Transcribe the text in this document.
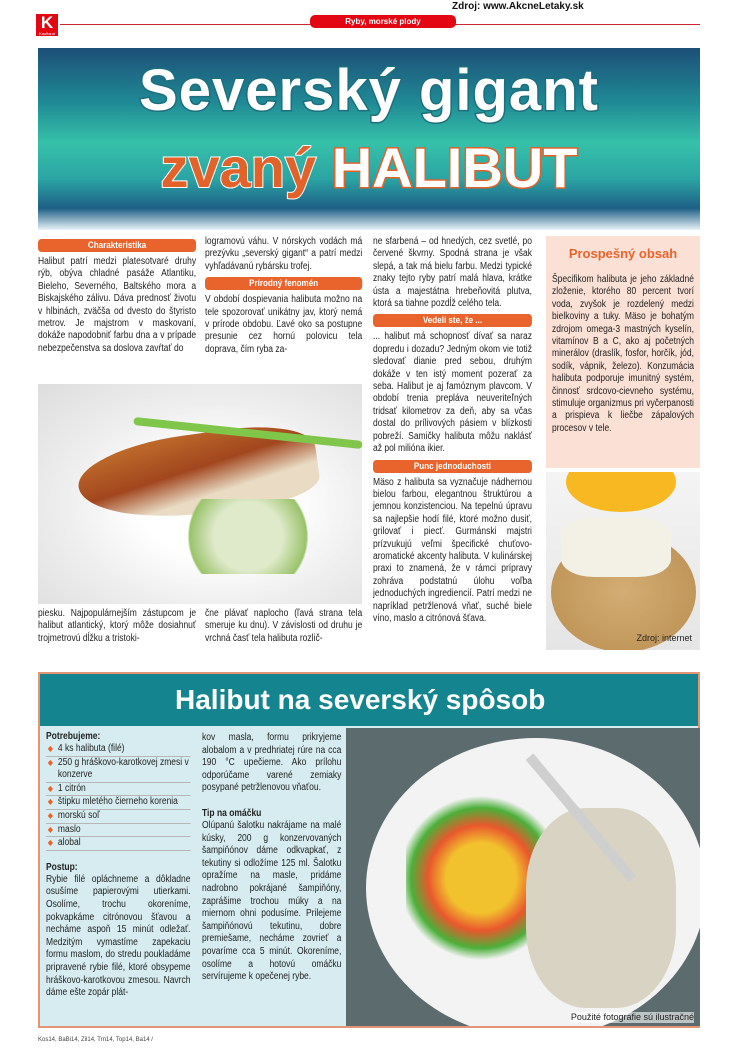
Zdroj: www.AkcneLetaky.sk
K
Kaufland
Ryby, morské plody
Severský gigant
zvaný HALIBUT
Charakteristika

Halibut patrí medzi platesotvaré druhy rýb, obýva chladné pasáže Atlantiku, Bieleho, Severného, Baltského mora a Biskajského zálivu. Dáva prednosť životu v hlbinách, zväčša od dvesto do štyristo metrov. Je majstrom v maskovaní, dokáže napodobniť farbu dna a v prípade nebezpečenstva sa doslova zavŕtať do

logramovú váhu. V nórskych vodách má prezývku „severský gigant“ a patrí medzi vyhľadávanú rybársku trofej.

Prírodný fenomén

V období dospievania halibuta možno na tele spozorovať unikátny jav, ktorý nemá v prírode obdobu. Ľavé oko sa postupne presunie cez hornú polovicu tela doprava, čím ryba za-

ne sfarbená – od hnedých, cez svetlé, po červené škvrny. Spodná strana je však slepá, a tak má bielu farbu. Medzi typické znaky tejto ryby patrí malá hlava, krátke ústa a majestátna hrebeňovitá plutva, ktorá sa tiahne pozdĺž celého tela.

Vedeli ste, že ...

... halibut má schopnosť dívať sa naraz dopredu i dozadu? Jedným okom vie totiž sledovať dianie pred sebou, druhým dokáže v ten istý moment pozerať za seba. Halibut je aj famóznym plavcom. V období trenia prepláva neuveriteľných tridsať kilometrov za deň, aby sa včas dostal do prílivových pásiem v blízkosti pobreží. Samičky halibuta môžu naklásť až pol milióna ikier.

Punc jednoduchosti

Mäso z halibuta sa vyznačuje nádhernou bielou farbou, elegantnou štruktúrou a jemnou konzistenciou. Na tepelnú úpravu sa najlepšie hodí filé, ktoré možno dusiť, grilovať i piecť. Gurmánski majstri prízvukujú veľmi špecifické chuťovo-aromatické akcenty halibuta. V kulinárskej praxi to znamená, že v rámci prípravy zohráva podstatnú úlohu voľba jednoduchých ingrediencií. Patrí medzi ne napríklad petržlenová vňať, suché biele víno, maslo a citrónová šťava.

piesku. Najpopulárnejším zástupcom je halibut atlantický, ktorý môže dosiahnuť trojmetrovú dĺžku a tristoki-

čne plávať naplocho (ľavá strana tela smeruje ku dnu). V závislosti od druhu je vrchná časť tela halibuta rozlič-

Prospešný obsah

Špecifikom halibuta je jeho základné zloženie, ktorého 80 percent tvorí voda, zvyšok je rozdelený medzi bielkoviny a tuky. Mäso je bohatým zdrojom omega-3 mastných kyselín, vitamínov B a C, ako aj početných minerálov (draslík, fosfor, horčík, jód, sodík, vápnik, železo). Konzumácia halibuta podporuje imunitný systém, činnosť srdcovo-cievneho systému, stimuluje organizmus pri vyčerpanosti a prispieva k liečbe zápalových procesov v tele.

Zdroj: internet
Halibut na severský spôsob
Potrebujeme:
◆ 4 ks halibuta (filé)
◆ 250 g hráškovo-karotkovej zmesi v konzerve
◆ 1 citrón
◆ štipku mletého čierneho korenia
◆ morskú soľ
◆ maslo
◆ alobal
Postup:

Rybie filé opláchneme a dôkladne osušíme papierovými utierkami. Osolíme, trochu okoreníme, pokvapkáme citrónovou šťavou a necháme aspoň 15 minút odležať. Medzitým vymastíme zapekaciu formu maslom, do stredu poukladáme pripravené rybie filé, ktoré obsypeme hráškovo-karotkovou zmesou. Navrch dáme ešte zopár plát-

kov masla, formu prikryjeme alobalom a v predhriatej rúre na cca 190 °C upečieme. Ako prílohu odporúčame varené zemiaky posypané petržlenovou vňaťou.

Tip na omáčku

Olúpanú šalotku nakrájame na malé kúsky, 200 g konzervovaných šampiňónov dáme odkvapkať, z tekutiny si odložíme 125 ml. Šalotku opražíme na masle, pridáme nadrobno pokrájané šampiňóny, zaprášime trochou múky a na miernom ohni podusíme. Prilejeme šampiňónovú tekutinu, dobre premiešame, necháme zovrieť a povaríme cca 5 minút. Okoreníme, osolíme a hotovú omáčku servírujeme k opečenej rybe.

Použité fotografie sú ilustračné
Kos14, BaBi14, Zil14, Trn14, Top14, Ba14 /
